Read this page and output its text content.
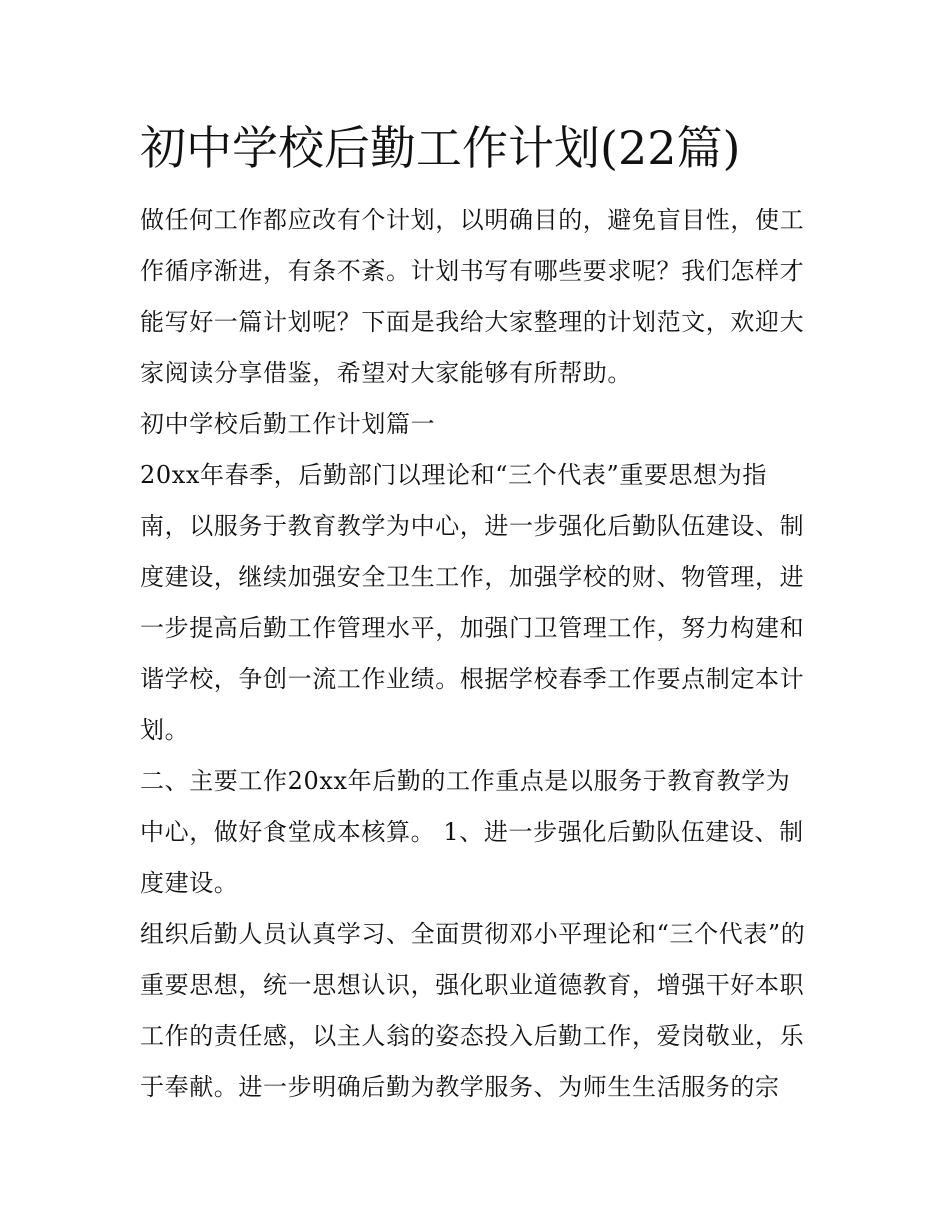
初中学校后勤工作计划(22篇)

做任何工作都应改有个计划，以明确目的，避免盲目性，使工

作循序渐进，有条不紊。计划书写有哪些要求呢？我们怎样才

能写好一篇计划呢？下面是我给大家整理的计划范文，欢迎大

家阅读分享借鉴，希望对大家能够有所帮助。

初中学校后勤工作计划篇一

20xx年春季，后勤部门以理论和“三个代表”重要思想为指

南，以服务于教育教学为中心，进一步强化后勤队伍建设、制

度建设，继续加强安全卫生工作，加强学校的财、物管理，进

一步提高后勤工作管理水平，加强门卫管理工作，努力构建和

谐学校，争创一流工作业绩。根据学校春季工作要点制定本计

划。

二、主要工作20xx年后勤的工作重点是以服务于教育教学为

中心，做好食堂成本核算。 1、进一步强化后勤队伍建设、制

度建设。

组织后勤人员认真学习、全面贯彻邓小平理论和“三个代表”的

重要思想，统一思想认识，强化职业道德教育，增强干好本职

工作的责任感，以主人翁的姿态投入后勤工作，爱岗敬业，乐

于奉献。进一步明确后勤为教学服务、为师生生活服务的宗
